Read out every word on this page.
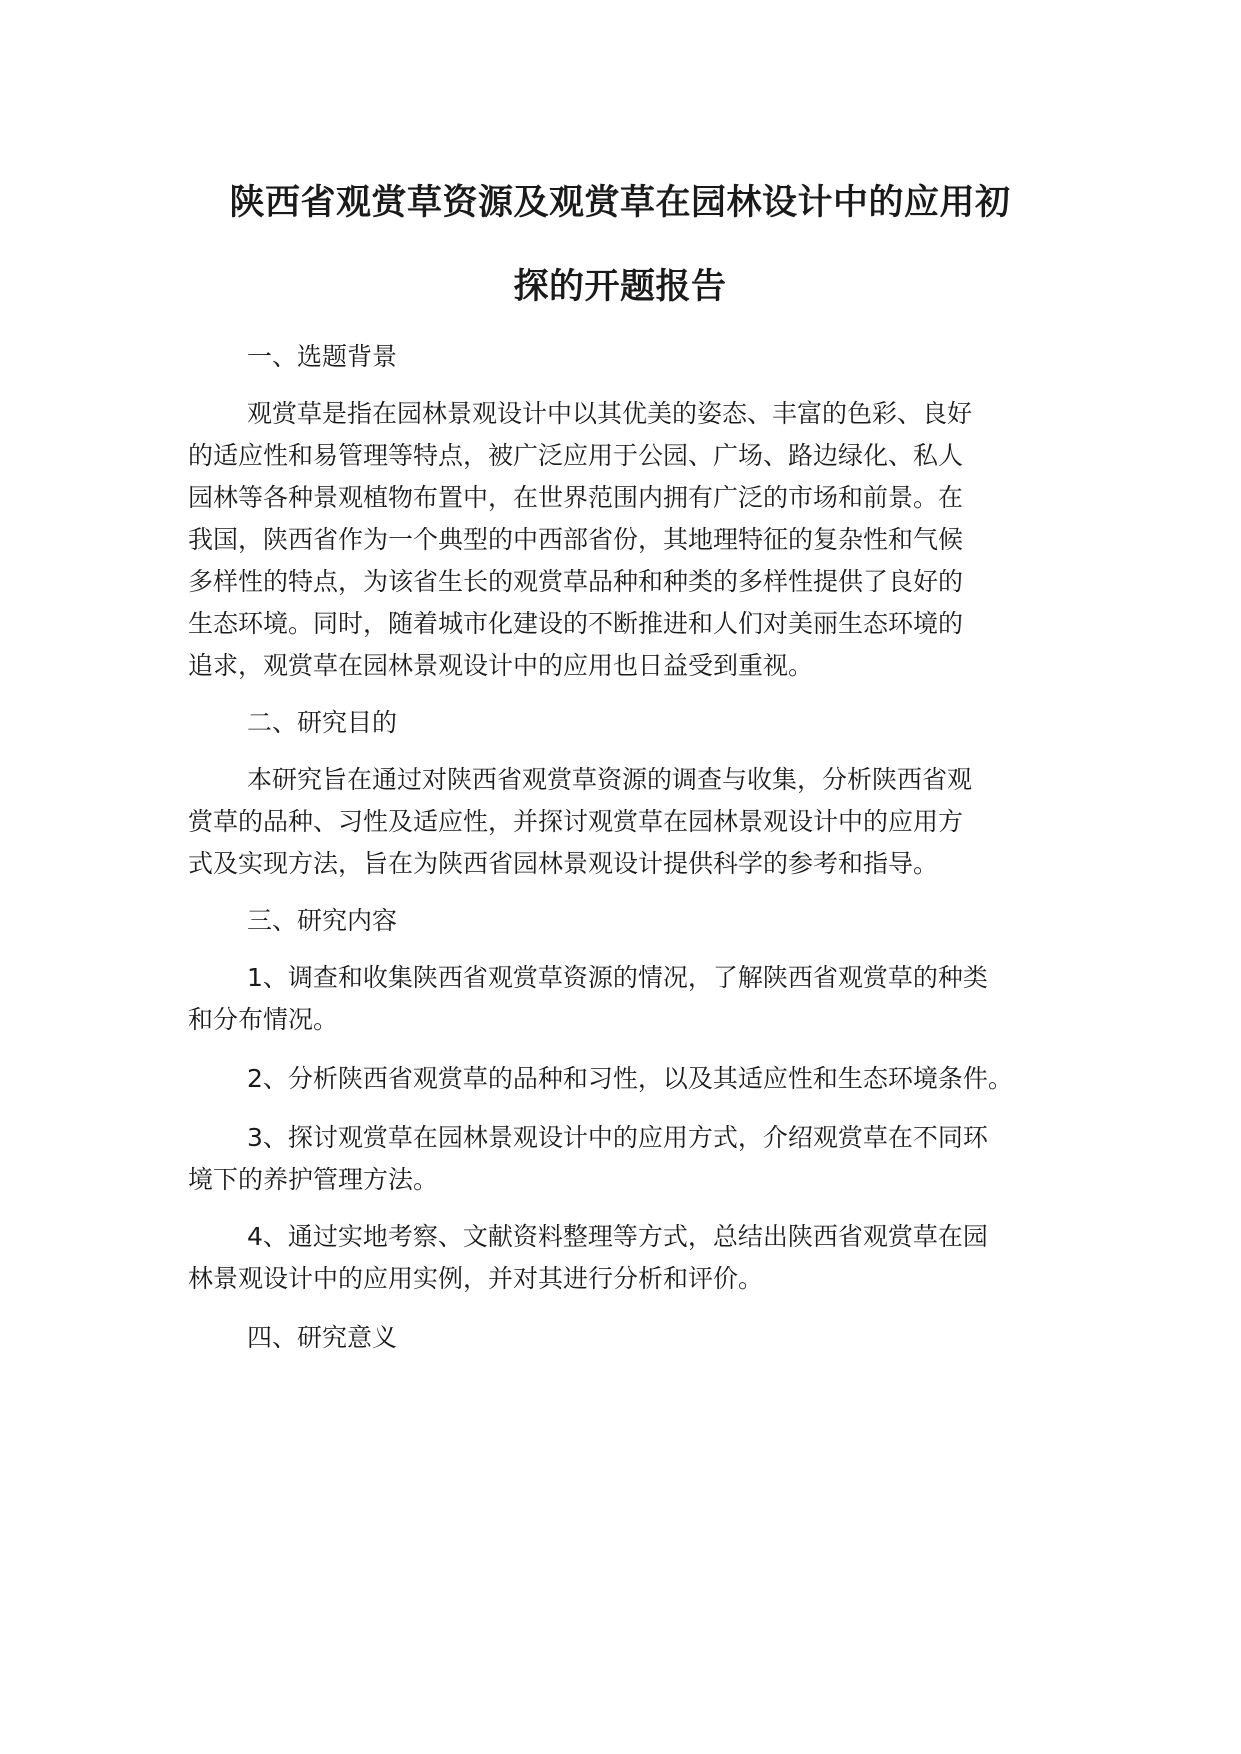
陕西省观赏草资源及观赏草在园林设计中的应用初
探的开题报告

一、选题背景

观赏草是指在园林景观设计中以其优美的姿态、丰富的色彩、良好

的适应性和易管理等特点，被广泛应用于公园、广场、路边绿化、私人

园林等各种景观植物布置中，在世界范围内拥有广泛的市场和前景。在

我国，陕西省作为一个典型的中西部省份，其地理特征的复杂性和气候

多样性的特点，为该省生长的观赏草品种和种类的多样性提供了良好的

生态环境。同时，随着城市化建设的不断推进和人们对美丽生态环境的

追求，观赏草在园林景观设计中的应用也日益受到重视。

二、研究目的

本研究旨在通过对陕西省观赏草资源的调查与收集，分析陕西省观

赏草的品种、习性及适应性，并探讨观赏草在园林景观设计中的应用方

式及实现方法，旨在为陕西省园林景观设计提供科学的参考和指导。

三、研究内容

1、调查和收集陕西省观赏草资源的情况，了解陕西省观赏草的种类

和分布情况。

2、分析陕西省观赏草的品种和习性，以及其适应性和生态环境条件。

3、探讨观赏草在园林景观设计中的应用方式，介绍观赏草在不同环

境下的养护管理方法。

4、通过实地考察、文献资料整理等方式，总结出陕西省观赏草在园

林景观设计中的应用实例，并对其进行分析和评价。

四、研究意义
